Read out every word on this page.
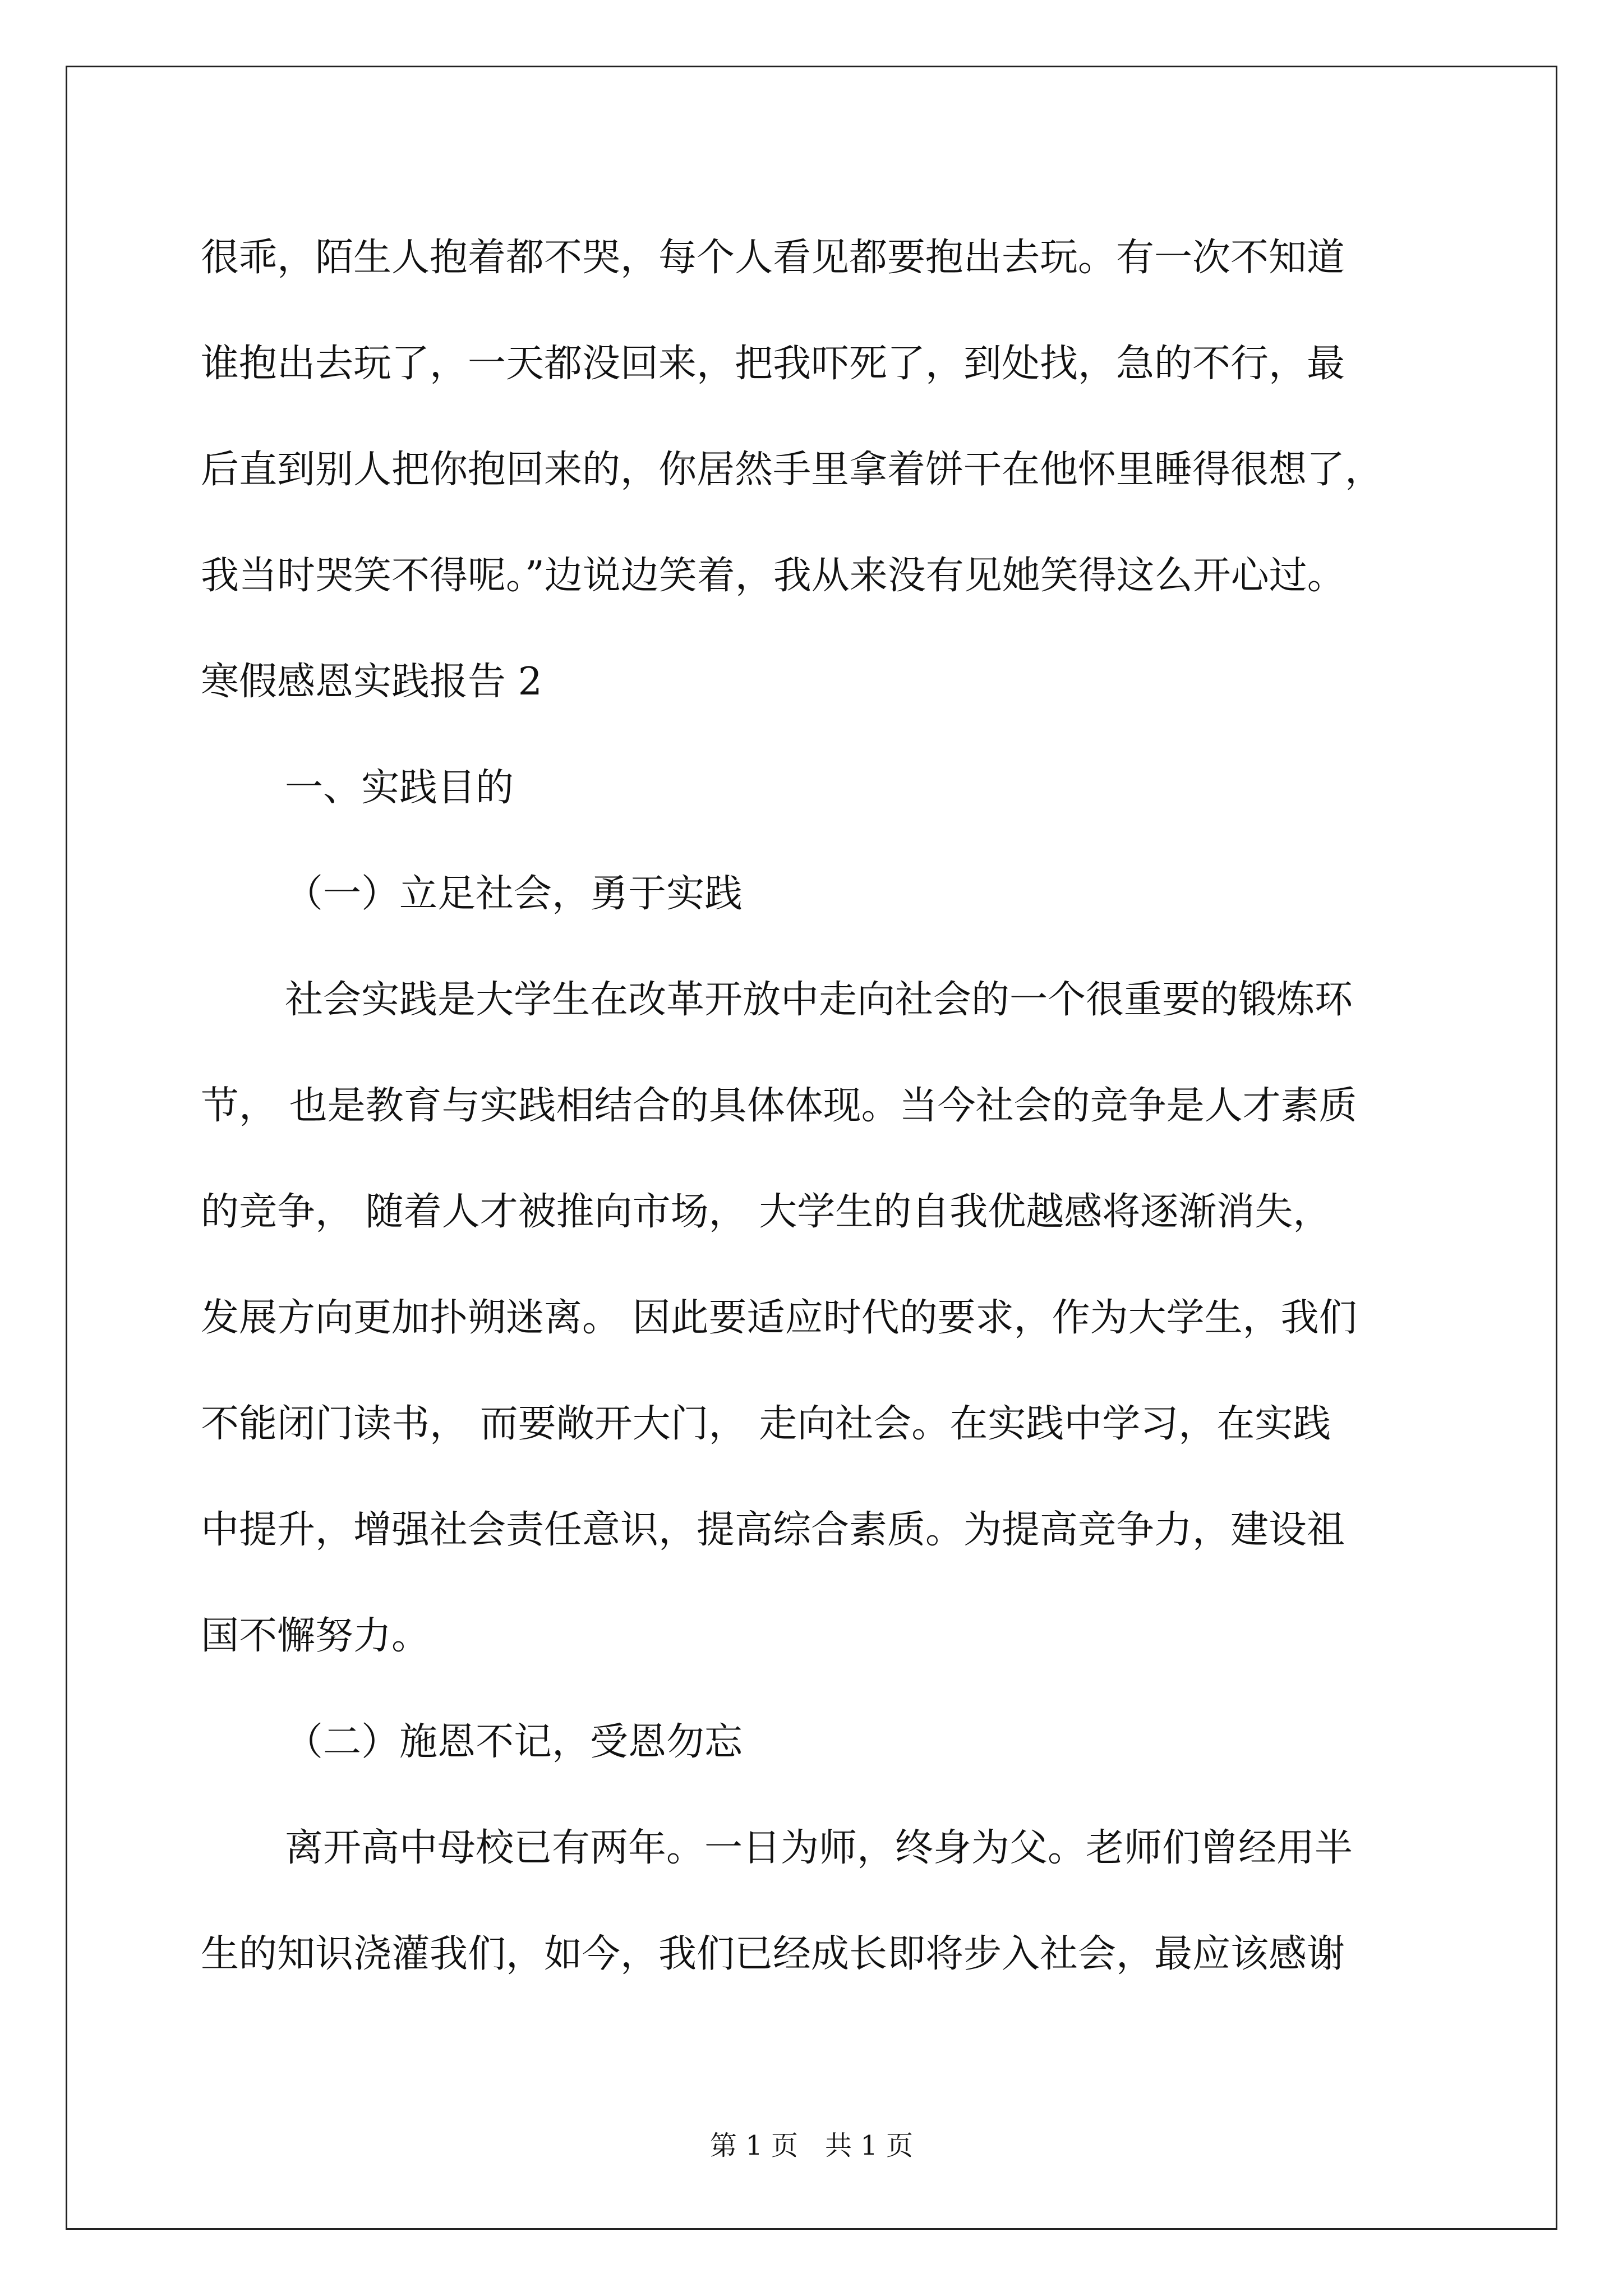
很乖，陌生人抱着都不哭，每个人看见都要抱出去玩。有一次不知道
谁抱出去玩了，一天都没回来，把我吓死了，到处找，急的不行，最
后直到别人把你抱回来的，你居然手里拿着饼干在他怀里睡得很想了，
我当时哭笑不得呢。”边说边笑着，我从来没有见她笑得这么开心过。
寒假感恩实践报告 2
一、实践目的
（一）立足社会，勇于实践
社会实践是大学生在改革开放中走向社会的一个很重要的锻炼环
节， 也是教育与实践相结合的具体体现。当今社会的竞争是人才素质
的竞争， 随着人才被推向市场， 大学生的自我优越感将逐渐消失，
发展方向更加扑朔迷离。 因此要适应时代的要求，作为大学生，我们
不能闭门读书， 而要敞开大门， 走向社会。在实践中学习，在实践
中提升，增强社会责任意识，提高综合素质。为提高竞争力，建设祖
国不懈努力。
（二）施恩不记，受恩勿忘
离开高中母校已有两年。一日为师，终身为父。老师们曾经用半
生的知识浇灌我们，如今，我们已经成长即将步入社会，最应该感谢
第 1 页　共 1 页
